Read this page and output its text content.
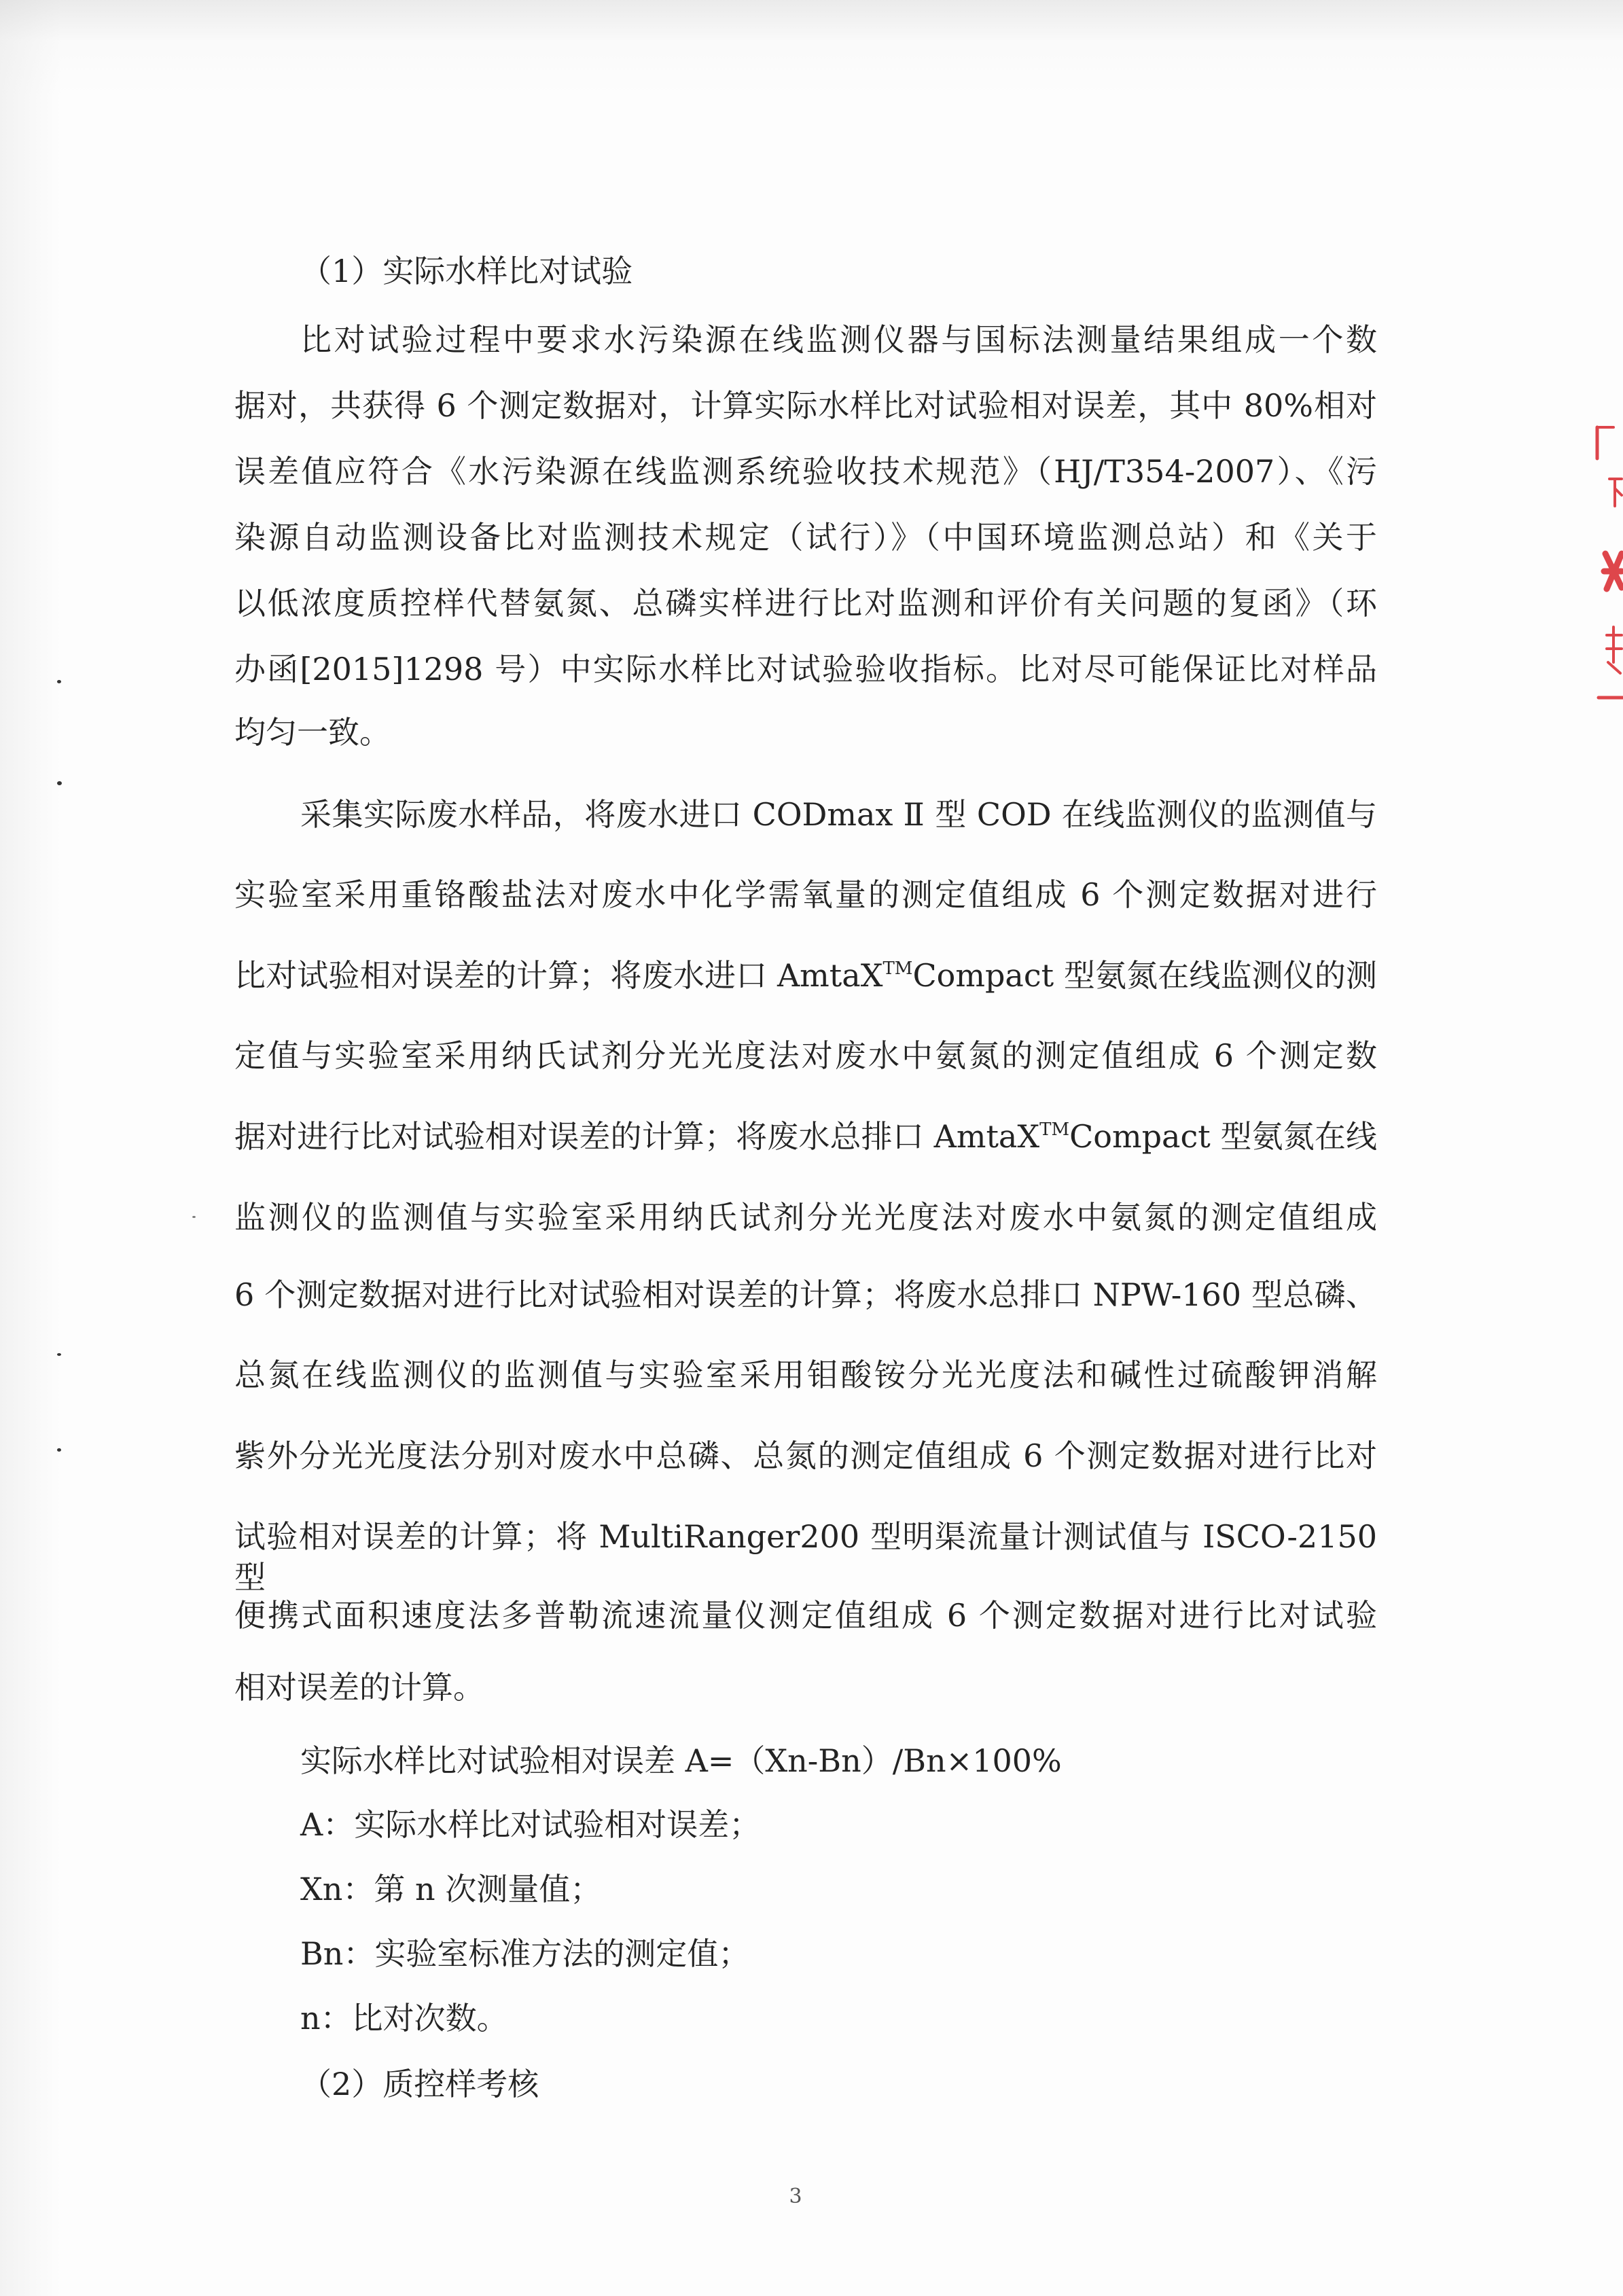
（1）实际水样比对试验
比对试验过程中要求水污染源在线监测仪器与国标法测量结果组成一个数
据对，共获得 6 个测定数据对，计算实际水样比对试验相对误差，其中 80%相对
误差值应符合《水污染源在线监测系统验收技术规范》（HJ/T354-2007）、《污
染源自动监测设备比对监测技术规定（试行）》（中国环境监测总站）和《关于
以低浓度质控样代替氨氮、总磷实样进行比对监测和评价有关问题的复函》（环
办函[2015]1298 号）中实际水样比对试验验收指标。比对尽可能保证比对样品
均匀一致。
采集实际废水样品，将废水进口 CODmax Ⅱ 型 COD 在线监测仪的监测值与
实验室采用重铬酸盐法对废水中化学需氧量的测定值组成 6 个测定数据对进行
比对试验相对误差的计算；将废水进口 AmtaX™Compact 型氨氮在线监测仪的测
定值与实验室采用纳氏试剂分光光度法对废水中氨氮的测定值组成 6 个测定数
据对进行比对试验相对误差的计算；将废水总排口 AmtaX™Compact 型氨氮在线
监测仪的监测值与实验室采用纳氏试剂分光光度法对废水中氨氮的测定值组成
6 个测定数据对进行比对试验相对误差的计算；将废水总排口 NPW-160 型总磷、
总氮在线监测仪的监测值与实验室采用钼酸铵分光光度法和碱性过硫酸钾消解
紫外分光光度法分别对废水中总磷、总氮的测定值组成 6 个测定数据对进行比对
试验相对误差的计算；将 MultiRanger200 型明渠流量计测试值与 ISCO-2150 型
便携式面积速度法多普勒流速流量仪测定值组成 6 个测定数据对进行比对试验
相对误差的计算。
实际水样比对试验相对误差 A=（Xn-Bn）/Bn×100%
A：实际水样比对试验相对误差；
Xn：第 n 次测量值；
Bn：实验室标准方法的测定值；
n：比对次数。
（2）质控样考核
3
